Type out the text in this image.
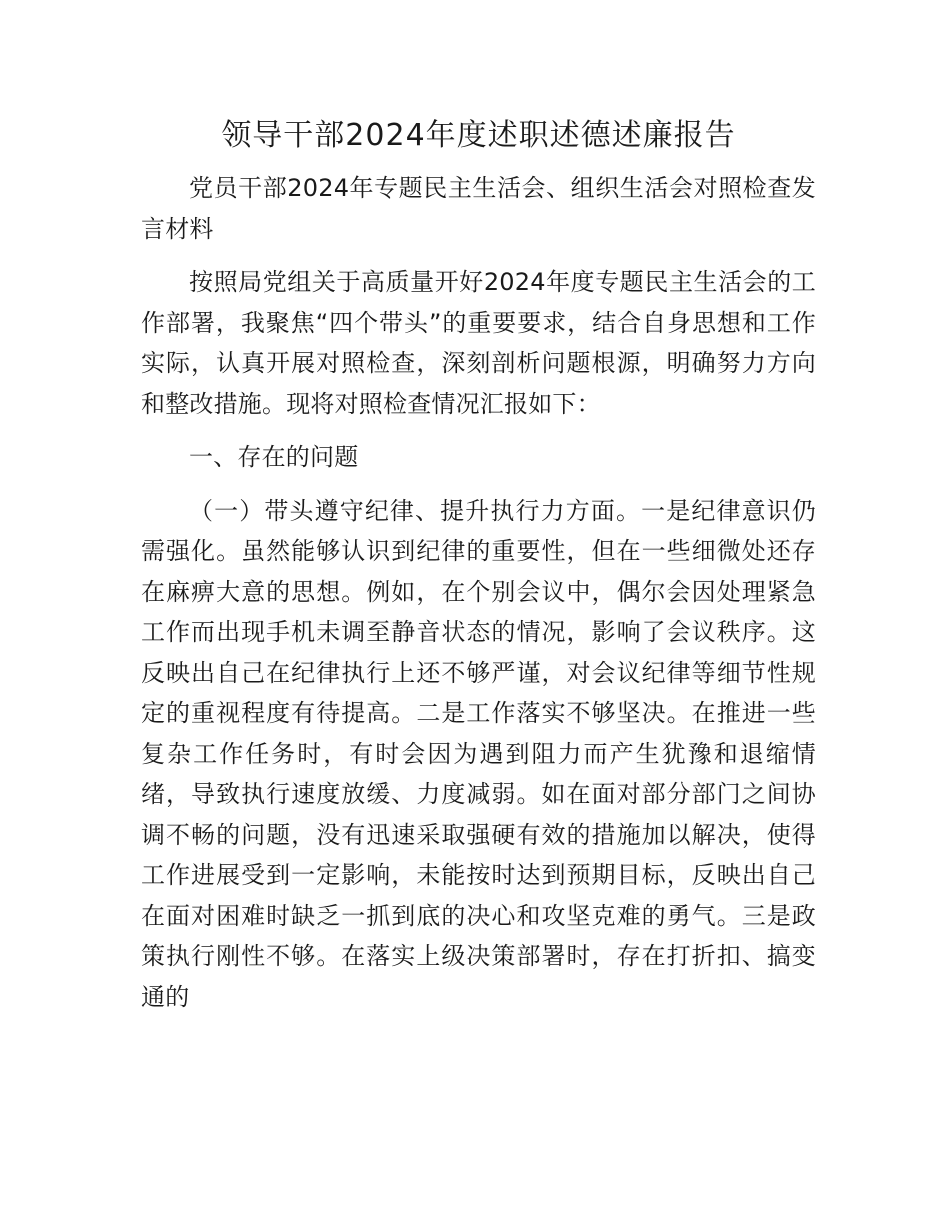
领导干部2024年度述职述德述廉报告

党员干部2024年专题民主生活会、组织生活会对照检查发言材料

按照局党组关于高质量开好2024年度专题民主生活会的工作部署，我聚焦“四个带头”的重要要求，结合自身思想和工作实际，认真开展对照检查，深刻剖析问题根源，明确努力方向和整改措施。现将对照检查情况汇报如下：

一、存在的问题

（一）带头遵守纪律、提升执行力方面。一是纪律意识仍需强化。虽然能够认识到纪律的重要性，但在一些细微处还存在麻痹大意的思想。例如，在个别会议中，偶尔会因处理紧急工作而出现手机未调至静音状态的情况，影响了会议秩序。这反映出自己在纪律执行上还不够严谨，对会议纪律等细节性规定的重视程度有待提高。二是工作落实不够坚决。在推进一些复杂工作任务时，有时会因为遇到阻力而产生犹豫和退缩情绪，导致执行速度放缓、力度减弱。如在面对部分部门之间协调不畅的问题，没有迅速采取强硬有效的措施加以解决，使得工作进展受到一定影响，未能按时达到预期目标，反映出自己在面对困难时缺乏一抓到底的决心和攻坚克难的勇气。三是政策执行刚性不够。在落实上级决策部署时，存在打折扣、搞变通的
